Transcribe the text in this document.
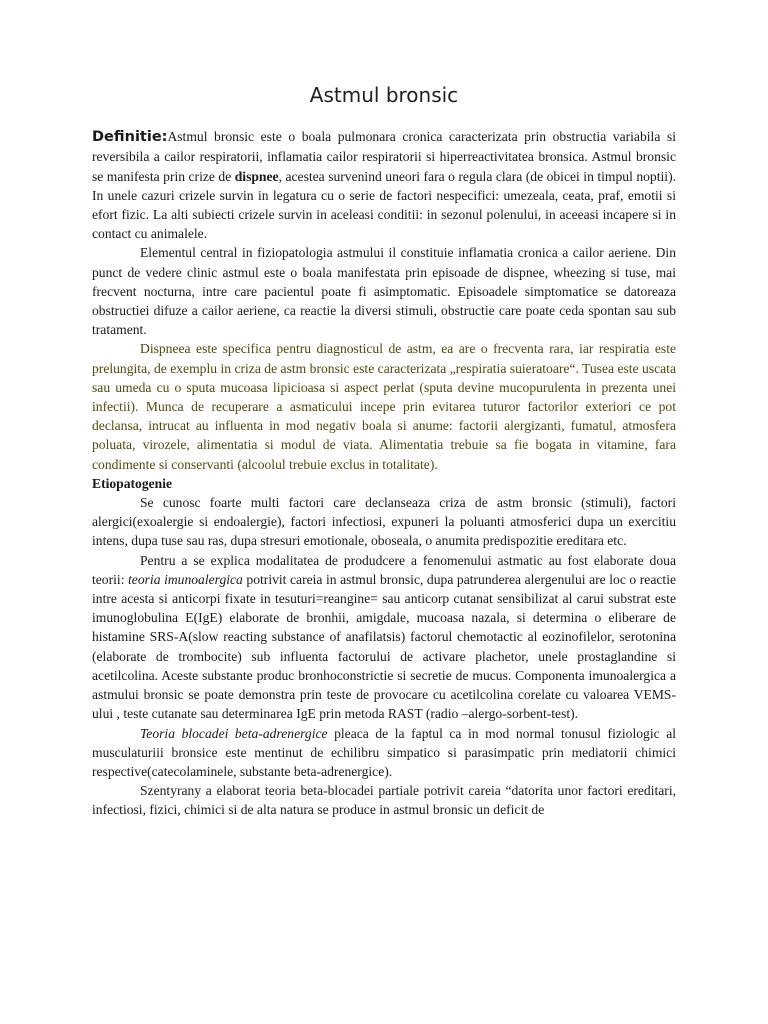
Astmul bronsic

Definitie:Astmul bronsic este o boala pulmonara cronica caracterizata prin obstructia variabila si reversibila a cailor respiratorii, inflamatia cailor respiratorii si hiperreactivitatea bronsica. Astmul bronsic se manifesta prin crize de dispnee, acestea survenind uneori fara o regula clara (de obicei in timpul noptii). In unele cazuri crizele survin in legatura cu o serie de factori nespecifici: umezeala, ceata, praf, emotii si efort fizic. La alti subiecti crizele survin in aceleasi conditii: in sezonul polenului, in aceeasi incapere si in contact cu animalele.

Elementul central in fiziopatologia astmului il constituie inflamatia cronica a cailor aeriene. Din punct de vedere clinic astmul este o boala manifestata prin episoade de dispnee, wheezing si tuse, mai frecvent nocturna, intre care pacientul poate fi asimptomatic. Episoadele simptomatice se datoreaza obstructiei difuze a cailor aeriene, ca reactie la diversi stimuli, obstructie care poate ceda spontan sau sub tratament.

Dispneea este specifica pentru diagnosticul de astm, ea are o frecventa rara, iar respiratia este prelungita, de exemplu in criza de astm bronsic este caracterizata „respiratia suieratoare“. Tusea este uscata sau umeda cu o sputa mucoasa lipicioasa si aspect perlat (sputa devine mucopurulenta in prezenta unei infectii). Munca de recuperare a asmaticului incepe prin evitarea tuturor factorilor exteriori ce pot declansa, intrucat au influenta in mod negativ boala si anume: factorii alergizanti, fumatul, atmosfera poluata, virozele, alimentatia si modul de viata. Alimentatia trebuie sa fie bogata in vitamine, fara condimente si conservanti (alcoolul trebuie exclus in totalitate).

Etiopatogenie

Se cunosc foarte multi factori care declanseaza criza de astm bronsic (stimuli), factori alergici(exoalergie si endoalergie), factori infectiosi, expuneri la poluanti atmosferici dupa un exercitiu intens, dupa tuse sau ras, dupa stresuri emotionale, oboseala, o anumita predispozitie ereditara etc.

Pentru a se explica modalitatea de produdcere a fenomenului astmatic au fost elaborate doua teorii: teoria imunoalergica potrivit careia in astmul bronsic, dupa patrunderea alergenului are loc o reactie intre acesta si anticorpi fixate in tesuturi=reangine= sau anticorp cutanat sensibilizat al carui substrat este imunoglobulina E(IgE) elaborate de bronhii, amigdale, mucoasa nazala, si determina o eliberare de histamine SRS-A(slow reacting substance of anafilatsis) factorul chemotactic al eozinofilelor, serotonina (elaborate de trombocite) sub influenta factorului de activare plachetor, unele prostaglandine si acetilcolina. Aceste substante produc bronhoconstrictie si secretie de mucus. Componenta imunoalergica a astmului bronsic se poate demonstra prin teste de provocare cu acetilcolina corelate cu valoarea VEMS-ului , teste cutanate sau determinarea IgE prin metoda RAST (radio –alergo-sorbent-test).

Teoria blocadei beta-adrenergice pleaca de la faptul ca in mod normal tonusul fiziologic al musculaturiii bronsice este mentinut de echilibru simpatico si parasimpatic prin mediatorii chimici respective(catecolaminele, substante beta-adrenergice).

Szentyrany a elaborat teoria beta-blocadei partiale potrivit careia “datorita unor factori ereditari, infectiosi, fizici, chimici si de alta natura se produce in astmul bronsic un deficit de
